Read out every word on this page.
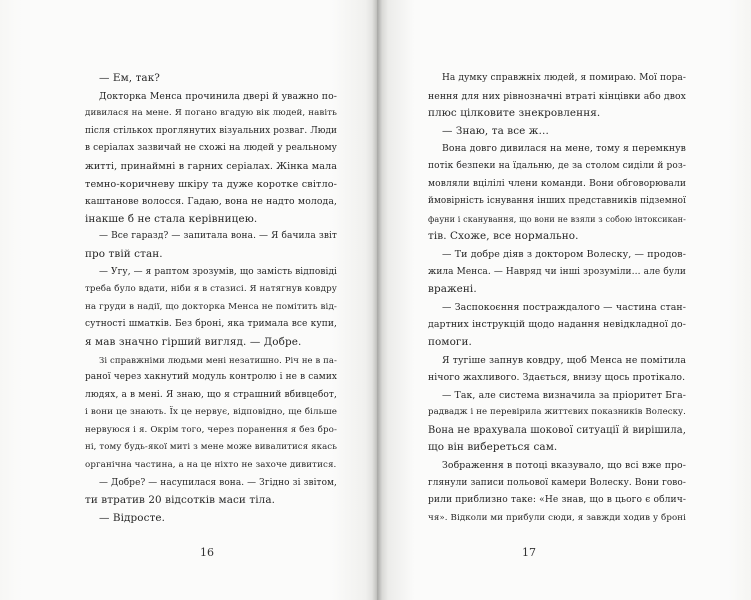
— Ем, так?
Докторка Менса прочинила двері й уважно по-
дивилася на мене. Я погано вгадую вік людей, навіть
після стількох проглянутих візуальних розваг. Люди
в серіалах зазвичай не схожі на людей у реальному
житті, принаймні в гарних серіалах. Жінка мала
темно-коричневу шкіру та дуже коротке світло-
каштанове волосся. Гадаю, вона не надто молода,
інакше б не стала керівницею.
— Все гаразд? — запитала вона. — Я бачила звіт
про твій стан.
— Угу, — я раптом зрозумів, що замість відповіді
треба було вдати, ніби я в стазисі. Я натягнув ковдру
на груди в надії, що докторка Менса не помітить від-
сутності шматків. Без броні, яка тримала все купи,
я мав значно гірший вигляд. — Добре.
Зі справжніми людьми мені незатишно. Річ не в па-
раної через хакнутий модуль контролю і не в самих
людях, а в мені. Я знаю, що я страшний вбивцебот,
і вони це знають. Їх це нервує, відповідно, ще більше
нервуюся і я. Окрім того, через поранення я без бро-
ні, тому будь-якої миті з мене може вивалитися якась
органічна частина, а на це ніхто не захоче дивитися.
— Добре? — насупилася вона. — Згідно зі звітом,
ти втратив 20 відсотків маси тіла.
— Відросте.
16
На думку справжніх людей, я помираю. Мої пора-
нення для них рівнозначні втраті кінцівки або двох
плюс цілковите знекровлення.
— Знаю, та все ж…
Вона довго дивилася на мене, тому я перемкнув
потік безпеки на їдальню, де за столом сиділи й роз-
мовляли вцілілі члени команди. Вони обговорювали
ймовірність існування інших представників підземної
фауни і сканування, що вони не взяли з собою інтоксикан-
тів. Схоже, все нормально.
— Ти добре діяв з доктором Волеску, — продов-
жила Менса. — Навряд чи інші зрозуміли… але були
вражені.
— Заспокоєння постраждалого — частина стан-
дартних інструкцій щодо надання невідкладної до-
помоги.
Я тугіше запнув ковдру, щоб Менса не помітила
нічого жахливого. Здається, внизу щось протікало.
— Так, але система визначила за пріоритет Бга-
радвадж і не перевірила життєвих показників Волеску.
Вона не врахувала шокової ситуації й вирішила,
що він вибереться сам.
Зображення в потоці вказувало, що всі вже про-
глянули записи польової камери Волеску. Вони гово-
рили приблизно таке: «Не знав, що в цього є облич-
чя». Відколи ми прибули сюди, я завжди ходив у броні
17
